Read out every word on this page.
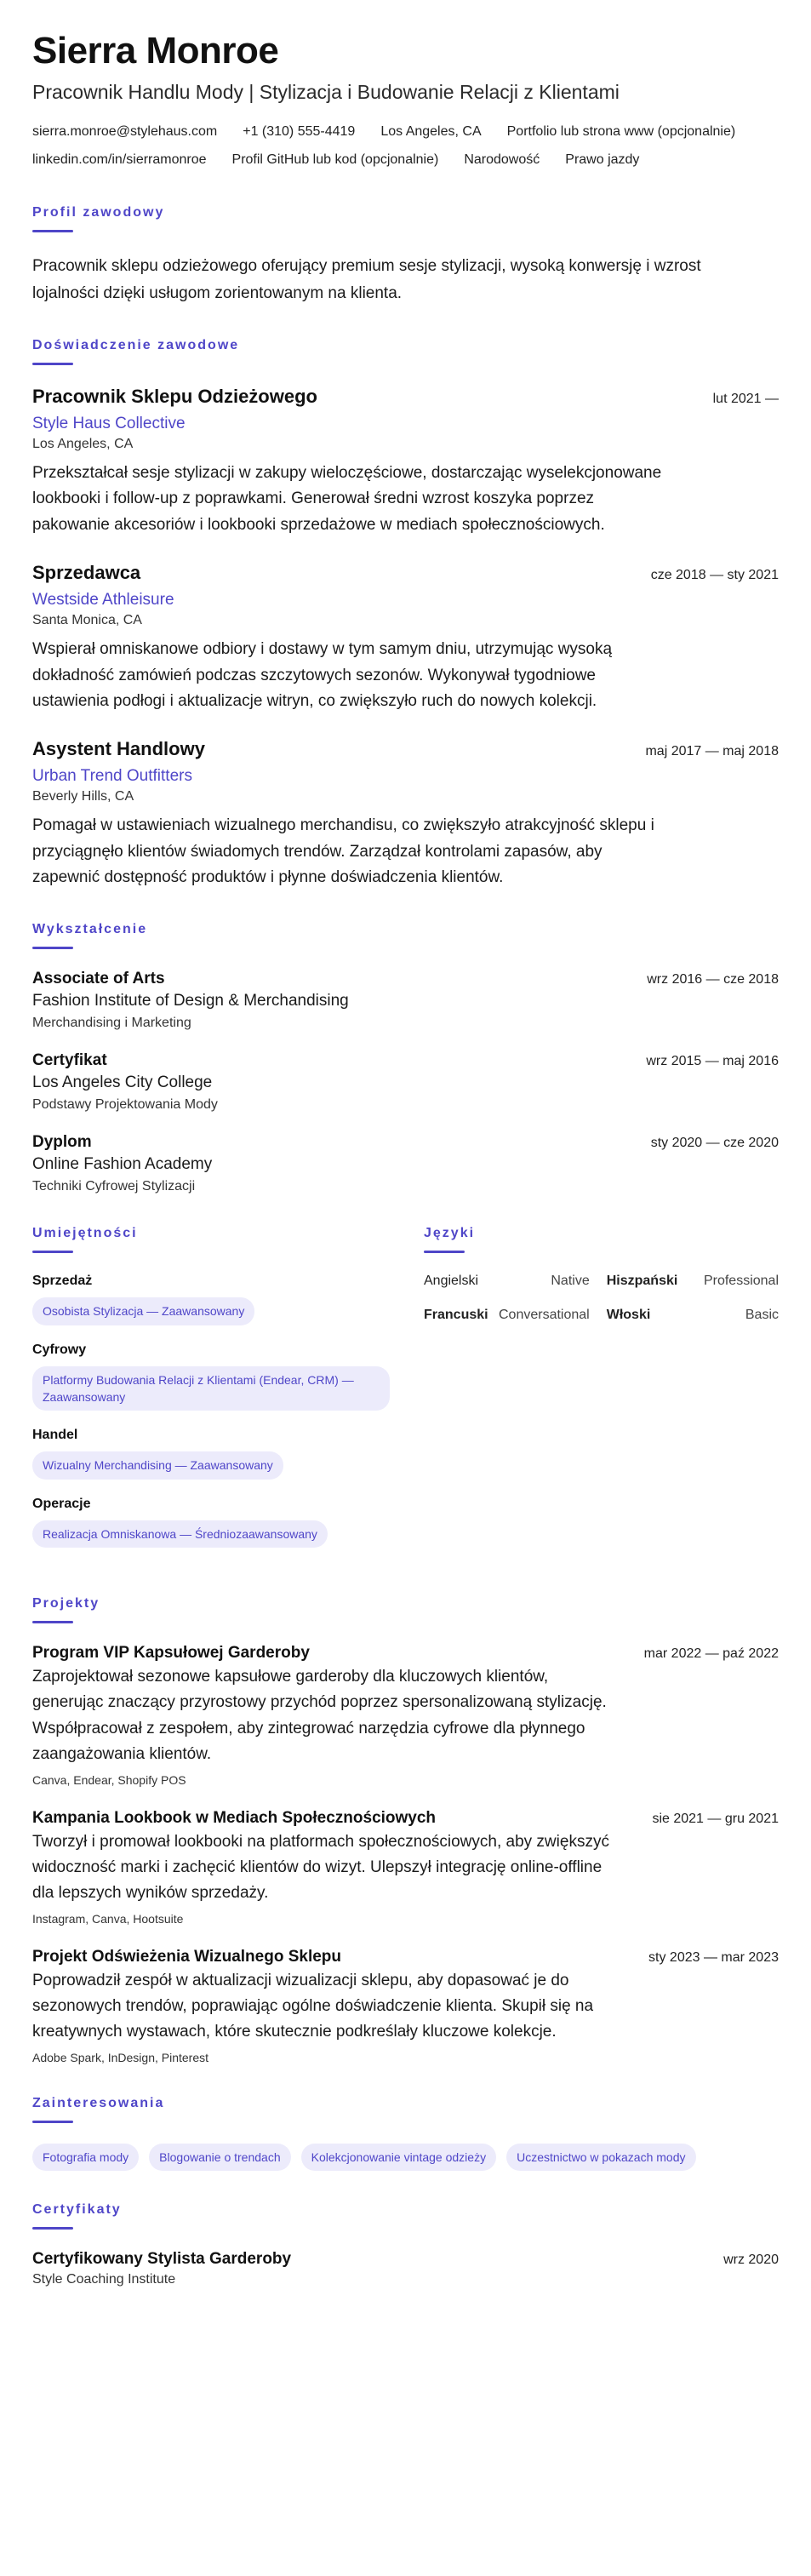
Sierra Monroe
Pracownik Handlu Mody | Stylizacja i Budowanie Relacji z Klientami
sierra.monroe@stylehaus.com +1 (310) 555-4419 Los Angeles, CA Portfolio lub strona www (opcjonalnie)
linkedin.com/in/sierramonroe Profil GitHub lub kod (opcjonalnie) Narodowość Prawo jazdy
Profil zawodowy
Pracownik sklepu odzieżowego oferujący premium sesje stylizacji, wysoką konwersję i wzrost lojalności dzięki usługom zorientowanym na klienta.
Doświadczenie zawodowe
Pracownik Sklepu Odzieżowego	lut 2021 —
Style Haus Collective
Los Angeles, CA
Przekształcał sesje stylizacji w zakupy wieloczęściowe, dostarczając wyselekcjonowane lookbooki i follow-up z poprawkami. Generował średni wzrost koszyka poprzez pakowanie akcesoriów i lookbooki sprzedażowe w mediach społecznościowych.
Sprzedawca	cze 2018 — sty 2021
Westside Athleisure
Santa Monica, CA
Wspierał omniskanowe odbiory i dostawy w tym samym dniu, utrzymując wysoką dokładność zamówień podczas szczytowych sezonów. Wykonywał tygodniowe ustawienia podłogi i aktualizacje witryn, co zwiększyło ruch do nowych kolekcji.
Asystent Handlowy	maj 2017 — maj 2018
Urban Trend Outfitters
Beverly Hills, CA
Pomagał w ustawieniach wizualnego merchandisu, co zwiększyło atrakcyjność sklepu i przyciągnęło klientów świadomych trendów. Zarządzał kontrolami zapasów, aby zapewnić dostępność produktów i płynne doświadczenia klientów.
Wykształcenie
Associate of Arts	wrz 2016 — cze 2018
Fashion Institute of Design & Merchandising
Merchandising i Marketing
Certyfikat	wrz 2015 — maj 2016
Los Angeles City College
Podstawy Projektowania Mody
Dyplom	sty 2020 — cze 2020
Online Fashion Academy
Techniki Cyfrowej Stylizacji
Umiejętności
Sprzedaż
Osobista Stylizacja — Zaawansowany
Cyfrowy
Platformy Budowania Relacji z Klientami (Endear, CRM) — Zaawansowany
Handel
Wizualny Merchandising — Zaawansowany
Operacje
Realizacja Omniskanowa — Średniozaawansowany
Języki
Angielski	Native	Hiszpański	Professional
Francuski Conversational	Włoski	Basic
Projekty
Program VIP Kapsułowej Garderoby	mar 2022 — paź 2022
Zaprojektował sezonowe kapsułowe garderoby dla kluczowych klientów, generując znaczący przyrostowy przychód poprzez spersonalizowaną stylizację. Współpracował z zespołem, aby zintegrować narzędzia cyfrowe dla płynnego zaangażowania klientów.
Canva, Endear, Shopify POS
Kampania Lookbook w Mediach Społecznościowych	sie 2021 — gru 2021
Tworzył i promował lookbooki na platformach społecznościowych, aby zwiększyć widoczność marki i zachęcić klientów do wizyt. Ulepszył integrację online-offline dla lepszych wyników sprzedaży.
Instagram, Canva, Hootsuite
Projekt Odświeżenia Wizualnego Sklepu	sty 2023 — mar 2023
Poprowadził zespół w aktualizacji wizualizacji sklepu, aby dopasować je do sezonowych trendów, poprawiając ogólne doświadczenie klienta. Skupił się na kreatywnych wystawach, które skutecznie podkreślały kluczowe kolekcje.
Adobe Spark, InDesign, Pinterest
Zainteresowania
Fotografia mody	Blogowanie o trendach	Kolekcjonowanie vintage odzieży	Uczestnictwo w pokazach mody
Certyfikaty
Certyfikowany Stylista Garderoby	wrz 2020
Style Coaching Institute
